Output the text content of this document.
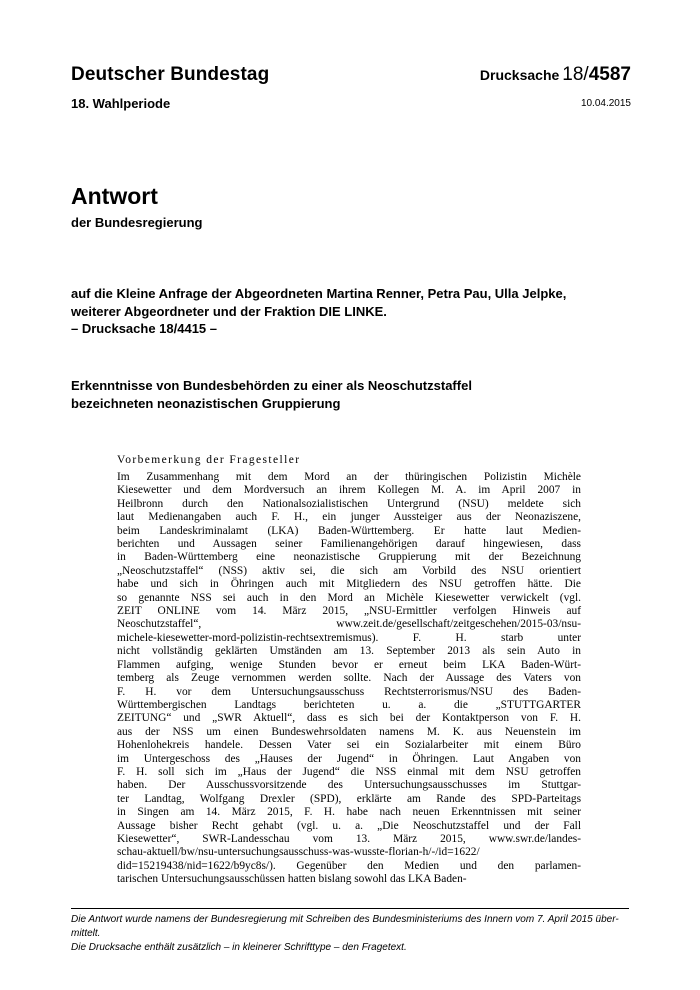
Deutscher Bundestag
18. Wahlperiode
Drucksache 18/4587
10.04.2015
Antwort
der Bundesregierung
auf die Kleine Anfrage der Abgeordneten Martina Renner, Petra Pau, Ulla Jelpke,
weiterer Abgeordneter und der Fraktion DIE LINKE.
– Drucksache 18/4415 –
Erkenntnisse von Bundesbehörden zu einer als Neoschutzstaffel
bezeichneten neonazistischen Gruppierung
Vorbemerkung der Fragesteller
Im Zusammenhang mit dem Mord an der thüringischen Polizistin Michèle
Kiesewetter und dem Mordversuch an ihrem Kollegen M. A. im April 2007 in
Heilbronn durch den Nationalsozialistischen Untergrund (NSU) meldete sich
laut Medienangaben auch F. H., ein junger Aussteiger aus der Neonaziszene,
beim Landeskriminalamt (LKA) Baden-Württemberg. Er hatte laut Medien-
berichten und Aussagen seiner Familienangehörigen darauf hingewiesen, dass
in Baden-Württemberg eine neonazistische Gruppierung mit der Bezeichnung
„Neoschutzstaffel“ (NSS) aktiv sei, die sich am Vorbild des NSU orientiert
habe und sich in Öhringen auch mit Mitgliedern des NSU getroffen hätte. Die
so genannte NSS sei auch in den Mord an Michèle Kiesewetter verwickelt (vgl.
ZEIT ONLINE vom 14. März 2015, „NSU-Ermittler verfolgen Hinweis auf
Neoschutzstaffel“, www.zeit.de/gesellschaft/zeitgeschehen/2015-03/nsu-
michele-kiesewetter-mord-polizistin-rechtsextremismus). F. H. starb unter
nicht vollständig geklärten Umständen am 13. September 2013 als sein Auto in
Flammen aufging, wenige Stunden bevor er erneut beim LKA Baden-Würt-
temberg als Zeuge vernommen werden sollte. Nach der Aussage des Vaters von
F. H. vor dem Untersuchungsausschuss Rechtsterrorismus/NSU des Baden-
Württembergischen Landtags berichteten u. a. die „STUTTGARTER
ZEITUNG“ und „SWR Aktuell“, dass es sich bei der Kontaktperson von F. H.
aus der NSS um einen Bundeswehrsoldaten namens M. K. aus Neuenstein im
Hohenlohekreis handele. Dessen Vater sei ein Sozialarbeiter mit einem Büro
im Untergeschoss des „Hauses der Jugend“ in Öhringen. Laut Angaben von
F. H. soll sich im „Haus der Jugend“ die NSS einmal mit dem NSU getroffen
haben. Der Ausschussvorsitzende des Untersuchungsausschusses im Stuttgar-
ter Landtag, Wolfgang Drexler (SPD), erklärte am Rande des SPD-Parteitags
in Singen am 14. März 2015, F. H. habe nach neuen Erkenntnissen mit seiner
Aussage bisher Recht gehabt (vgl. u. a. „Die Neoschutzstaffel und der Fall
Kiesewetter“, SWR-Landesschau vom 13. März 2015, www.swr.de/landes-
schau-aktuell/bw/nsu-untersuchungsausschuss-was-wusste-florian-h/-/id=1622/
did=15219438/nid=1622/b9yc8s/). Gegenüber den Medien und den parlamen-
tarischen Untersuchungsausschüssen hatten bislang sowohl das LKA Baden-
Die Antwort wurde namens der Bundesregierung mit Schreiben des Bundesministeriums des Innern vom 7. April 2015 über-
mittelt.
Die Drucksache enthält zusätzlich – in kleinerer Schrifttype – den Fragetext.
